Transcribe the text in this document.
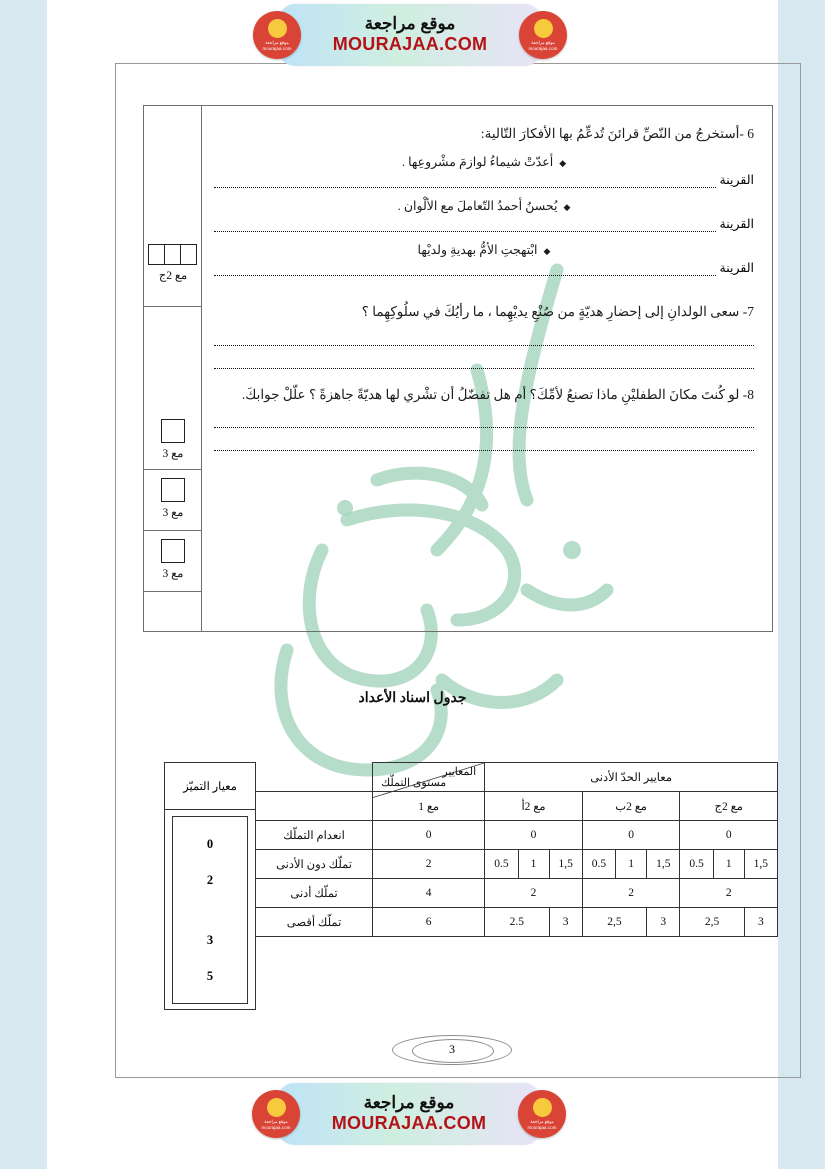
6 -أستخرجُ من النّصِّ قرائنَ تُدعِّمُ بها الأفكارَ التّالية:
◆أعدّتْ شيماءُ لوازمَ مشْروعِها .
القرينة
◆يُحسنُ أحمدُ التّعاملَ مع الألْوان .
القرينة
◆ابْتهجتِ الأمُّ بهديةِ ولديْها
القرينة
7- سعى الولدانِ إلى إحضارِ هديّةٍ من صُنْعِ يديْهِما ، ما رأيُكَ في سلُوكِهِما ؟
8- لو كُنتَ مكانَ الطفليْنِ ماذا تصنعُ لأمِّكَ؟ أم هل تفضّلُ أن تشْري لها هديّةً جاهزةً ؟ علّلْ جوابكَ.
مع 2ج
مع 3
مع 3
مع 3
جدول اسناد الأعداد
معايير الحدّ الأدنى									المعايير
مستوى التملّك	

مع 2ج			مع 2ب			مع 2أ			مع 1	
0			0			0			0	انعدام التملّك
1,5	1	0.5	1,5	1	0.5	1,5	1	0.5	2	تملّك دون الأدنى
2			2			2			4	تملّك أدنى
3	2,5		3	2,5		3	2.5		6	تملّك أقصى
معيار التميّز
0
2
3
5
3
موقع مراجعة mourajaa.com
موقع مراجعة
MOURAJAA.COM	موقع مراجعة mourajaa.com
موقع مراجعة mourajaa.com
موقع مراجعة
MOURAJAA.COM	موقع مراجعة mourajaa.com
